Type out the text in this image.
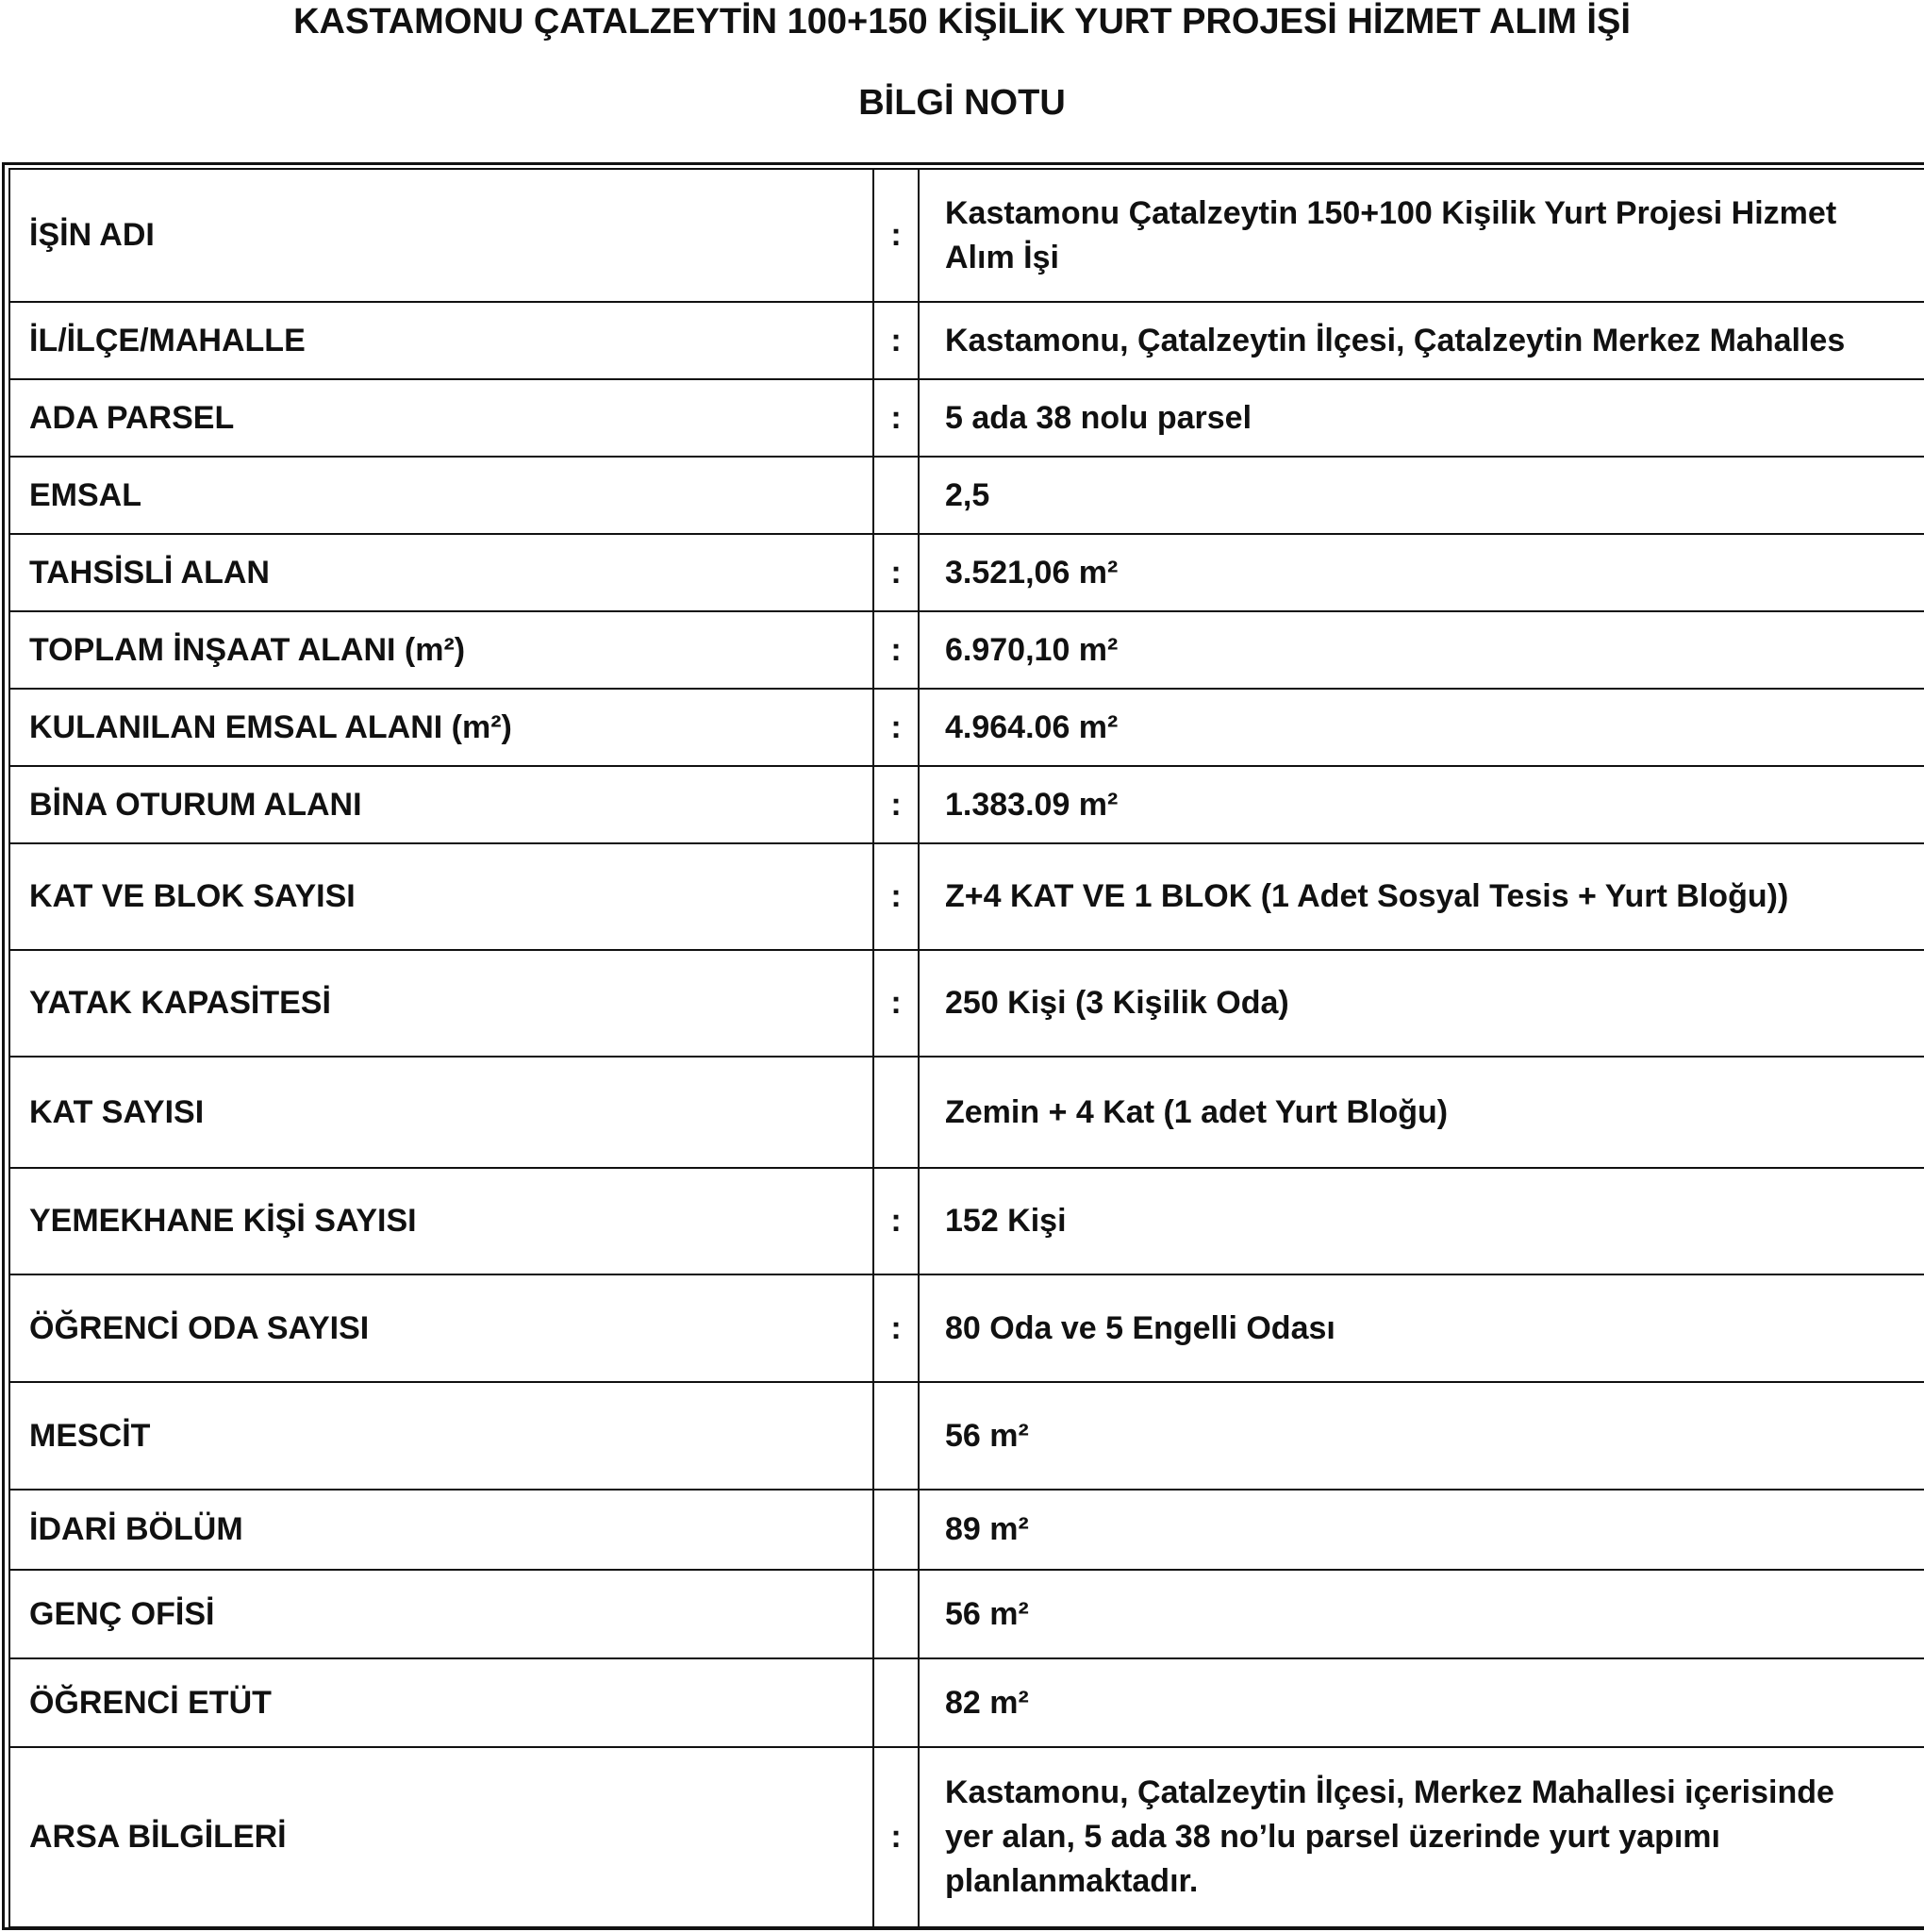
KASTAMONU ÇATALZEYTİN 100+150 KİŞİLİK YURT PROJESİ HİZMET ALIM İŞİ
BİLGİ NOTU
İŞİN ADI	:	Kastamonu Çatalzeytin 150+100 Kişilik Yurt Projesi Hizmet
Alım İşi

İL/İLÇE/MAHALLE	:	Kastamonu, Çatalzeytin İlçesi, Çatalzeytin Merkez Mahalles
ADA PARSEL	:	5 ada 38 nolu parsel
EMSAL		2,5
TAHSİSLİ ALAN	:	3.521,06 m²
TOPLAM İNŞAAT ALANI (m²)	:	6.970,10 m²
KULANILAN EMSAL ALANI (m²)	:	4.964.06 m²
BİNA OTURUM ALANI	:	1.383.09 m²
KAT VE BLOK SAYISI	:	Z+4 KAT VE 1 BLOK (1 Adet Sosyal Tesis + Yurt Bloğu))
YATAK KAPASİTESİ	:	250 Kişi (3 Kişilik Oda)
KAT SAYISI		Zemin + 4 Kat (1 adet Yurt Bloğu)
YEMEKHANE KİŞİ SAYISI	:	152 Kişi
ÖĞRENCİ ODA SAYISI	:	80 Oda ve 5 Engelli Odası
MESCİT		56 m²
İDARİ BÖLÜM		89 m²
GENÇ OFİSİ		56 m²
ÖĞRENCİ ETÜT		82 m²
ARSA BİLGİLERİ	:	Kastamonu, Çatalzeytin İlçesi, Merkez Mahallesi içerisinde
yer alan, 5 ada 38 no’lu parsel üzerinde yurt yapımı
planlanmaktadır.
